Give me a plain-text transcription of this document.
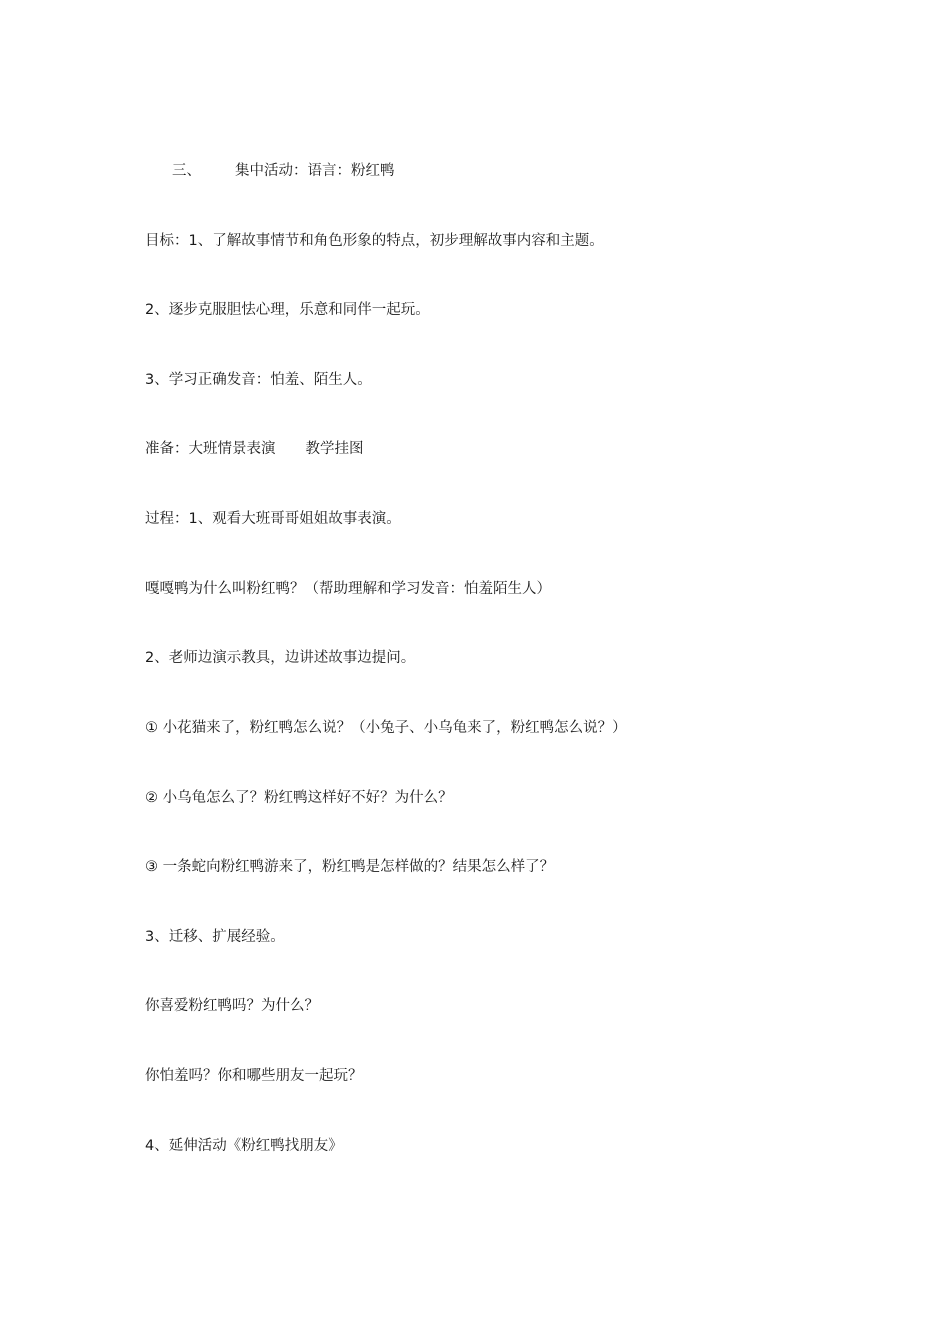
三、 集中活动：语言：粉红鸭
目标：1、了解故事情节和角色形象的特点，初步理解故事内容和主题。
2、逐步克服胆怯心理，乐意和同伴一起玩。
3、学习正确发音：怕羞、陌生人。
准备：大班情景表演 教学挂图
过程：1、观看大班哥哥姐姐故事表演。
嘎嘎鸭为什么叫粉红鸭？（帮助理解和学习发音：怕羞陌生人）
2、老师边演示教具，边讲述故事边提问。
① 小花猫来了，粉红鸭怎么说？（小兔子、小乌龟来了，粉红鸭怎么说？）
② 小乌龟怎么了？粉红鸭这样好不好？为什么？
③ 一条蛇向粉红鸭游来了，粉红鸭是怎样做的？结果怎么样了？
3、迁移、扩展经验。
你喜爱粉红鸭吗？为什么？
你怕羞吗？你和哪些朋友一起玩？
4、延伸活动《粉红鸭找朋友》
